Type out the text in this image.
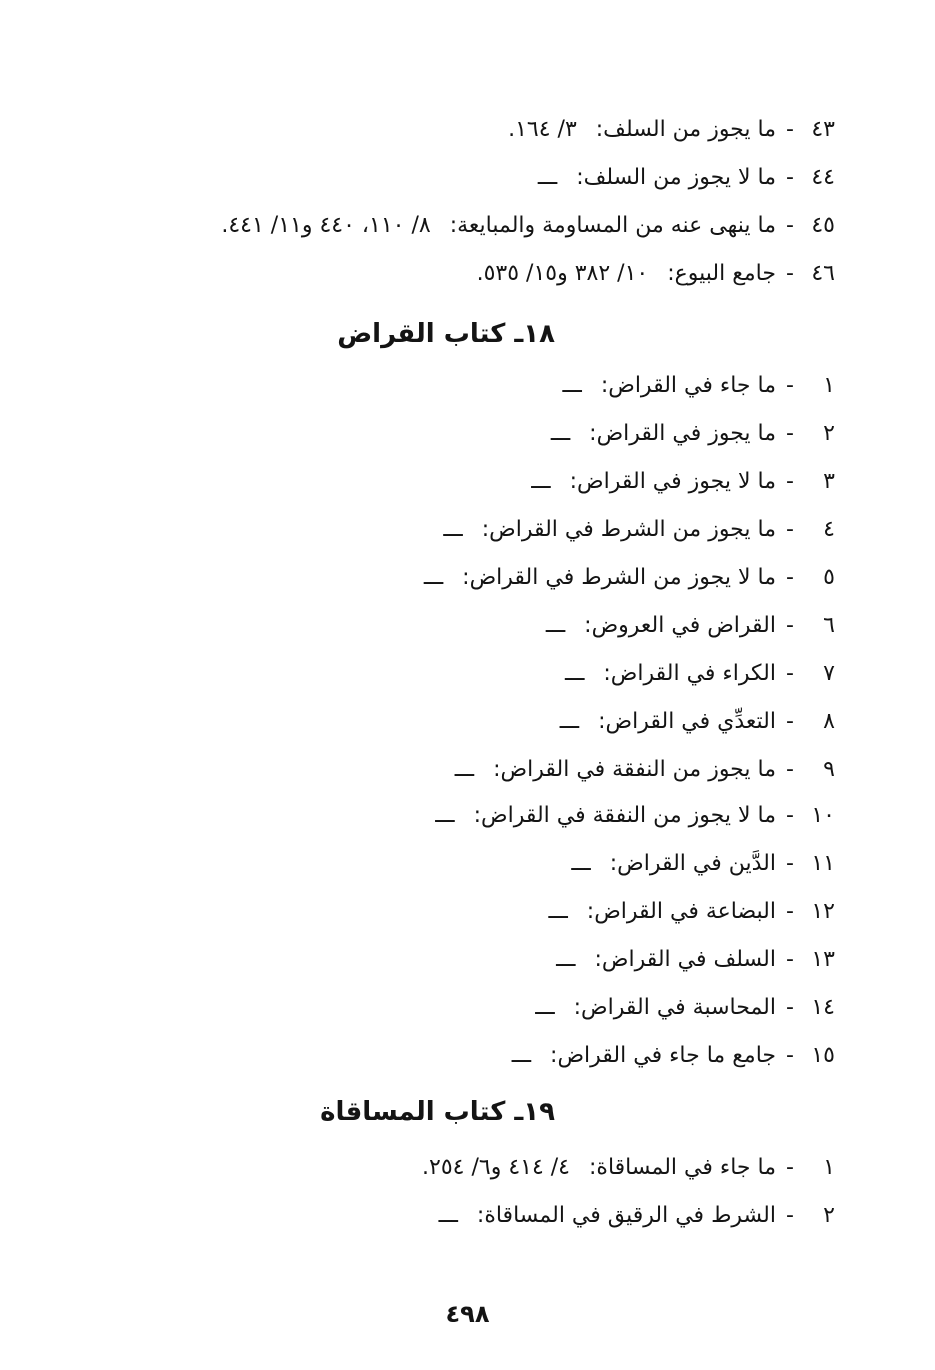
٤٣- ما يجوز من السلف: ٣/ ١٦٤.
٤٤- ما لا يجوز من السلف: ـــ
٤٥- ما ينهى عنه من المساومة والمبايعة: ٨/ ١١٠، ٤٤٠ و١١/ ٤٤١.
٤٦- جامع البيوع: ١٠/ ٣٨٢ و١٥/ ٥٣٥.
١٨ـ كتاب القراض
١- ما جاء في القراض: ـــ
٢- ما يجوز في القراض: ـــ
٣- ما لا يجوز في القراض: ـــ
٤- ما يجوز من الشرط في القراض: ـــ
٥- ما لا يجوز من الشرط في القراض: ـــ
٦- القراض في العروض: ـــ
٧- الكراء في القراض: ـــ
٨- التعدِّي في القراض: ـــ
٩- ما يجوز من النفقة في القراض: ـــ
١٠- ما لا يجوز من النفقة في القراض: ـــ
١١- الدَّين في القراض: ـــ
١٢- البضاعة في القراض: ـــ
١٣- السلف في القراض: ـــ
١٤- المحاسبة في القراض: ـــ
١٥- جامع ما جاء في القراض: ـــ
١٩ـ كتاب المساقاة
١- ما جاء في المساقاة: ٤/ ٤١٤ و٦/ ٢٥٤.
٢- الشرط في الرقيق في المساقاة: ـــ
٤٩٨
